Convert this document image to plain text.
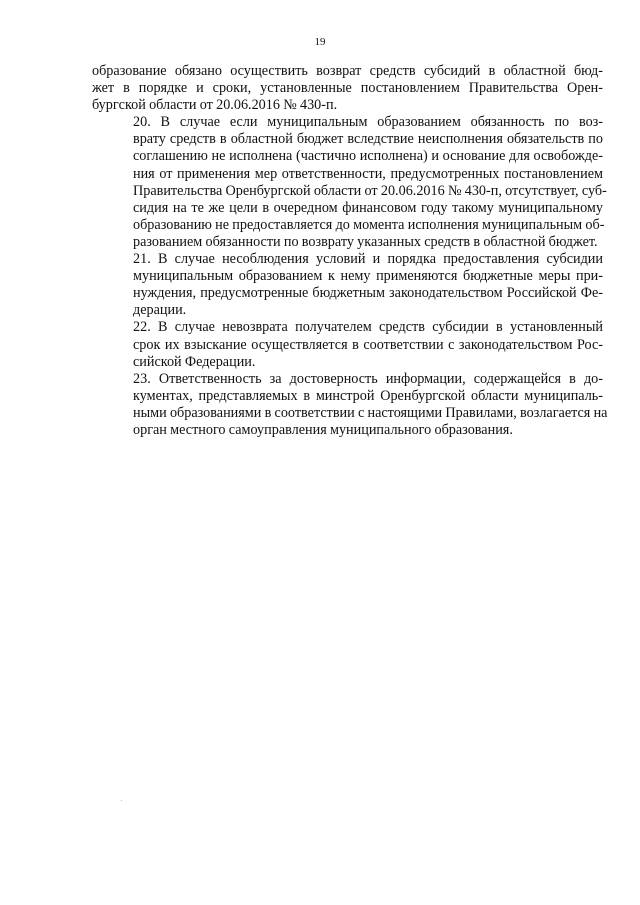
19

образование обязано осуществить возврат средств субсидий в областной бюд-
жет в порядке и сроки, установленные постановлением Правительства Орен-
бургской области от 20.06.2016 № 430-п.

20. В случае если муниципальным образованием обязанность по воз-
врату средств в областной бюджет вследствие неисполнения обязательств по
соглашению не исполнена (частично исполнена) и основание для освобожде-
ния от применения мер ответственности, предусмотренных постановлением
Правительства Оренбургской области от 20.06.2016 № 430-п, отсутствует, суб-
сидия на те же цели в очередном финансовом году такому муниципальному
образованию не предоставляется до момента исполнения муниципальным об-
разованием обязанности по возврату указанных средств в областной бюджет.

21. В случае несоблюдения условий и порядка предоставления субсидии
муниципальным образованием к нему применяются бюджетные меры при-
нуждения, предусмотренные бюджетным законодательством Российской Фе-
дерации.

22. В случае невозврата получателем средств субсидии в установленный
срок их взыскание осуществляется в соответствии с законодательством Рос-
сийской Федерации.

23. Ответственность за достоверность информации, содержащейся в до-
кументах, представляемых в минстрой Оренбургской области муниципаль-
ными образованиями в соответствии с настоящими Правилами, возлагается на
орган местного самоуправления муниципального образования.
